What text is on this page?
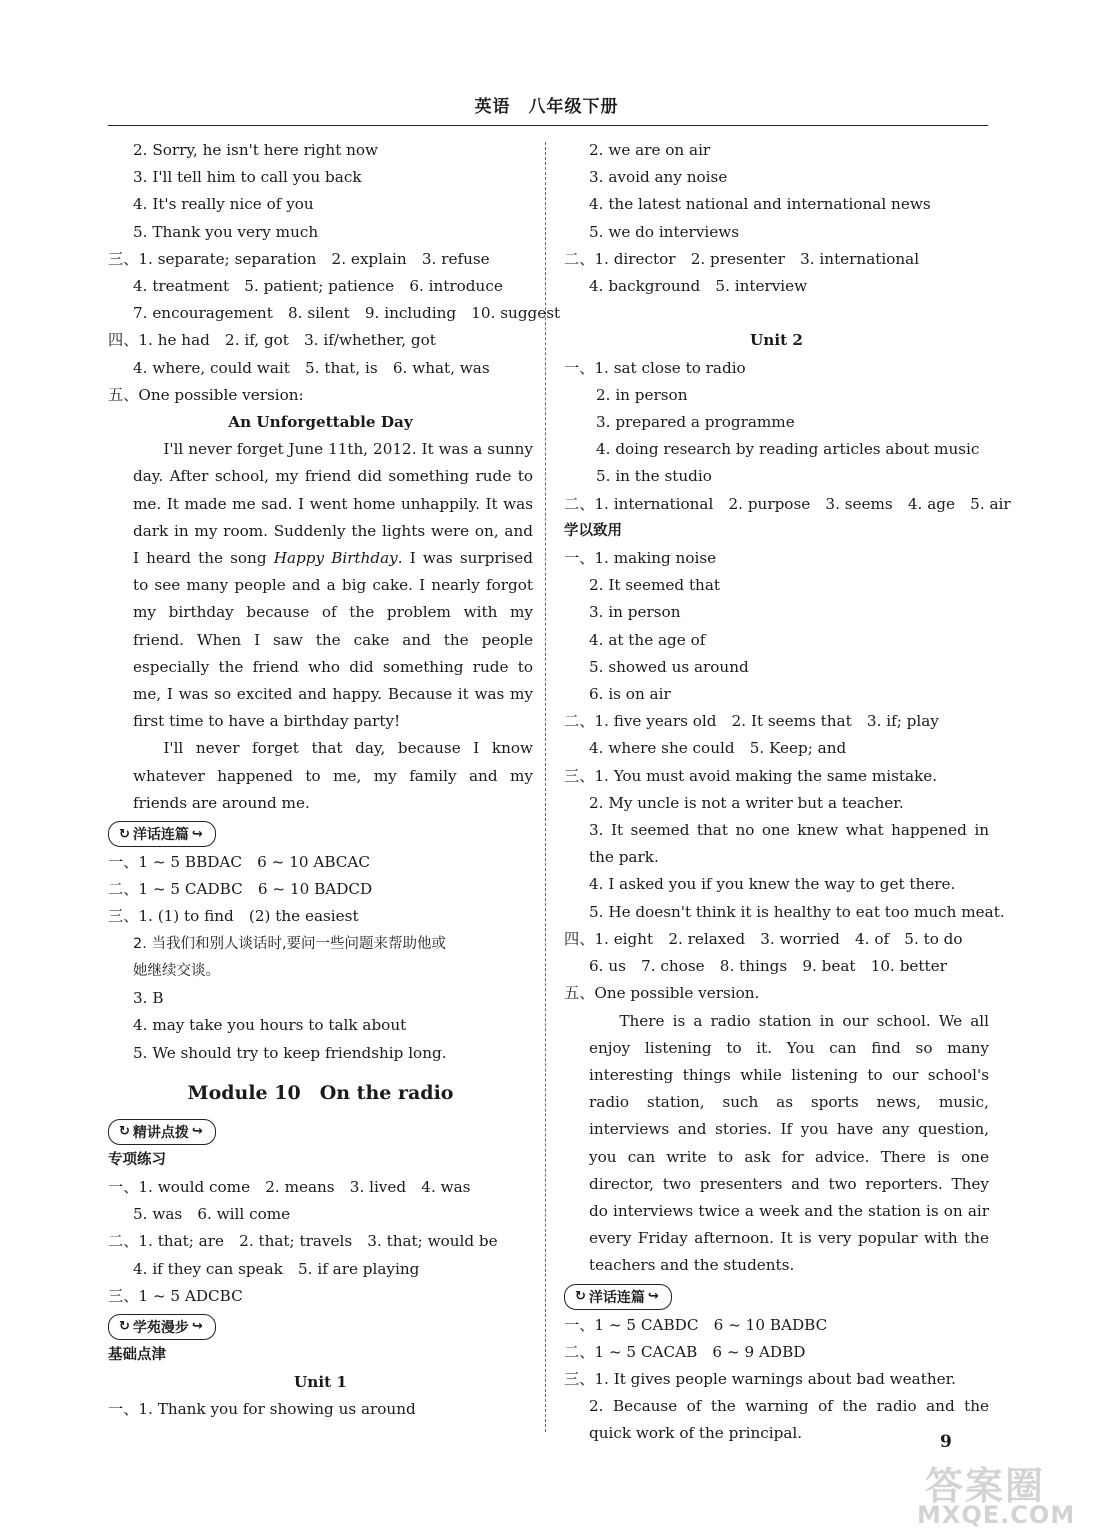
英语　八年级下册
2. Sorry, he isn't here right now
3. I'll tell him to call you back
4. It's really nice of you
5. Thank you very much
三、1. separate; separation　2. explain　3. refuse
4. treatment　5. patient; patience　6. introduce
7. encouragement　8. silent　9. including　10. suggest
四、1. he had　2. if, got　3. if/whether, got
4. where, could wait　5. that, is　6. what, was
五、One possible version:
An Unforgettable Day
I'll never forget June 11th, 2012. It was a sunny day. After school, my friend did something rude to me. It made me sad. I went home unhappily. It was dark in my room. Suddenly the lights were on, and I heard the song Happy Birthday. I was surprised to see many people and a big cake. I nearly forgot my birthday because of the problem with my friend. When I saw the cake and the people especially the friend who did something rude to me, I was so excited and happy. Because it was my first time to have a birthday party!
I'll never forget that day, because I know whatever happened to me, my family and my friends are around me.
↻ 洋话连篇 ↪
一、1 ~ 5 BBDAC　6 ~ 10 ABCAC
二、1 ~ 5 CADBC　6 ~ 10 BADCD
三、1. (1) to find　(2) the easiest
2. 当我们和别人谈话时,要问一些问题来帮助他或
她继续交谈。
3. B
4. may take you hours to talk about
5. We should try to keep friendship long.
Module 10　On the radio
↻ 精讲点拨 ↪
专项练习
一、1. would come　2. means　3. lived　4. was
5. was　6. will come
二、1. that; are　2. that; travels　3. that; would be
4. if they can speak　5. if are playing
三、1 ~ 5 ADCBC
↻ 学苑漫步 ↪
基础点津
Unit 1
一、1. Thank you for showing us around
2. we are on air
3. avoid any noise
4. the latest national and international news
5. we do interviews
二、1. director　2. presenter　3. international
4. background　5. interview

Unit 2
一、1. sat close to radio
2. in person
3. prepared a programme
4. doing research by reading articles about music
5. in the studio
二、1. international　2. purpose　3. seems　4. age　5. air
学以致用
一、1. making noise
2. It seemed that
3. in person
4. at the age of
5. showed us around
6. is on air
二、1. five years old　2. It seems that　3. if; play
4. where she could　5. Keep; and
三、1. You must avoid making the same mistake.
2. My uncle is not a writer but a teacher.
3. It seemed that no one knew what happened in the park.
4. I asked you if you knew the way to get there.
5. He doesn't think it is healthy to eat too much meat.
四、1. eight　2. relaxed　3. worried　4. of　5. to do
6. us　7. chose　8. things　9. beat　10. better
五、One possible version.
There is a radio station in our school. We all enjoy listening to it. You can find so many interesting things while listening to our school's radio station, such as sports news, music, interviews and stories. If you have any question, you can write to ask for advice. There is one director, two presenters and two reporters. They do interviews twice a week and the station is on air every Friday afternoon. It is very popular with the teachers and the students.
↻ 洋话连篇 ↪
一、1 ~ 5 CABDC　6 ~ 10 BADBC
二、1 ~ 5 CACAB　6 ~ 9 ADBD
三、1. It gives people warnings about bad weather.
2. Because of the warning of the radio and the quick work of the principal.	9
答案圈
MXQE.COM
